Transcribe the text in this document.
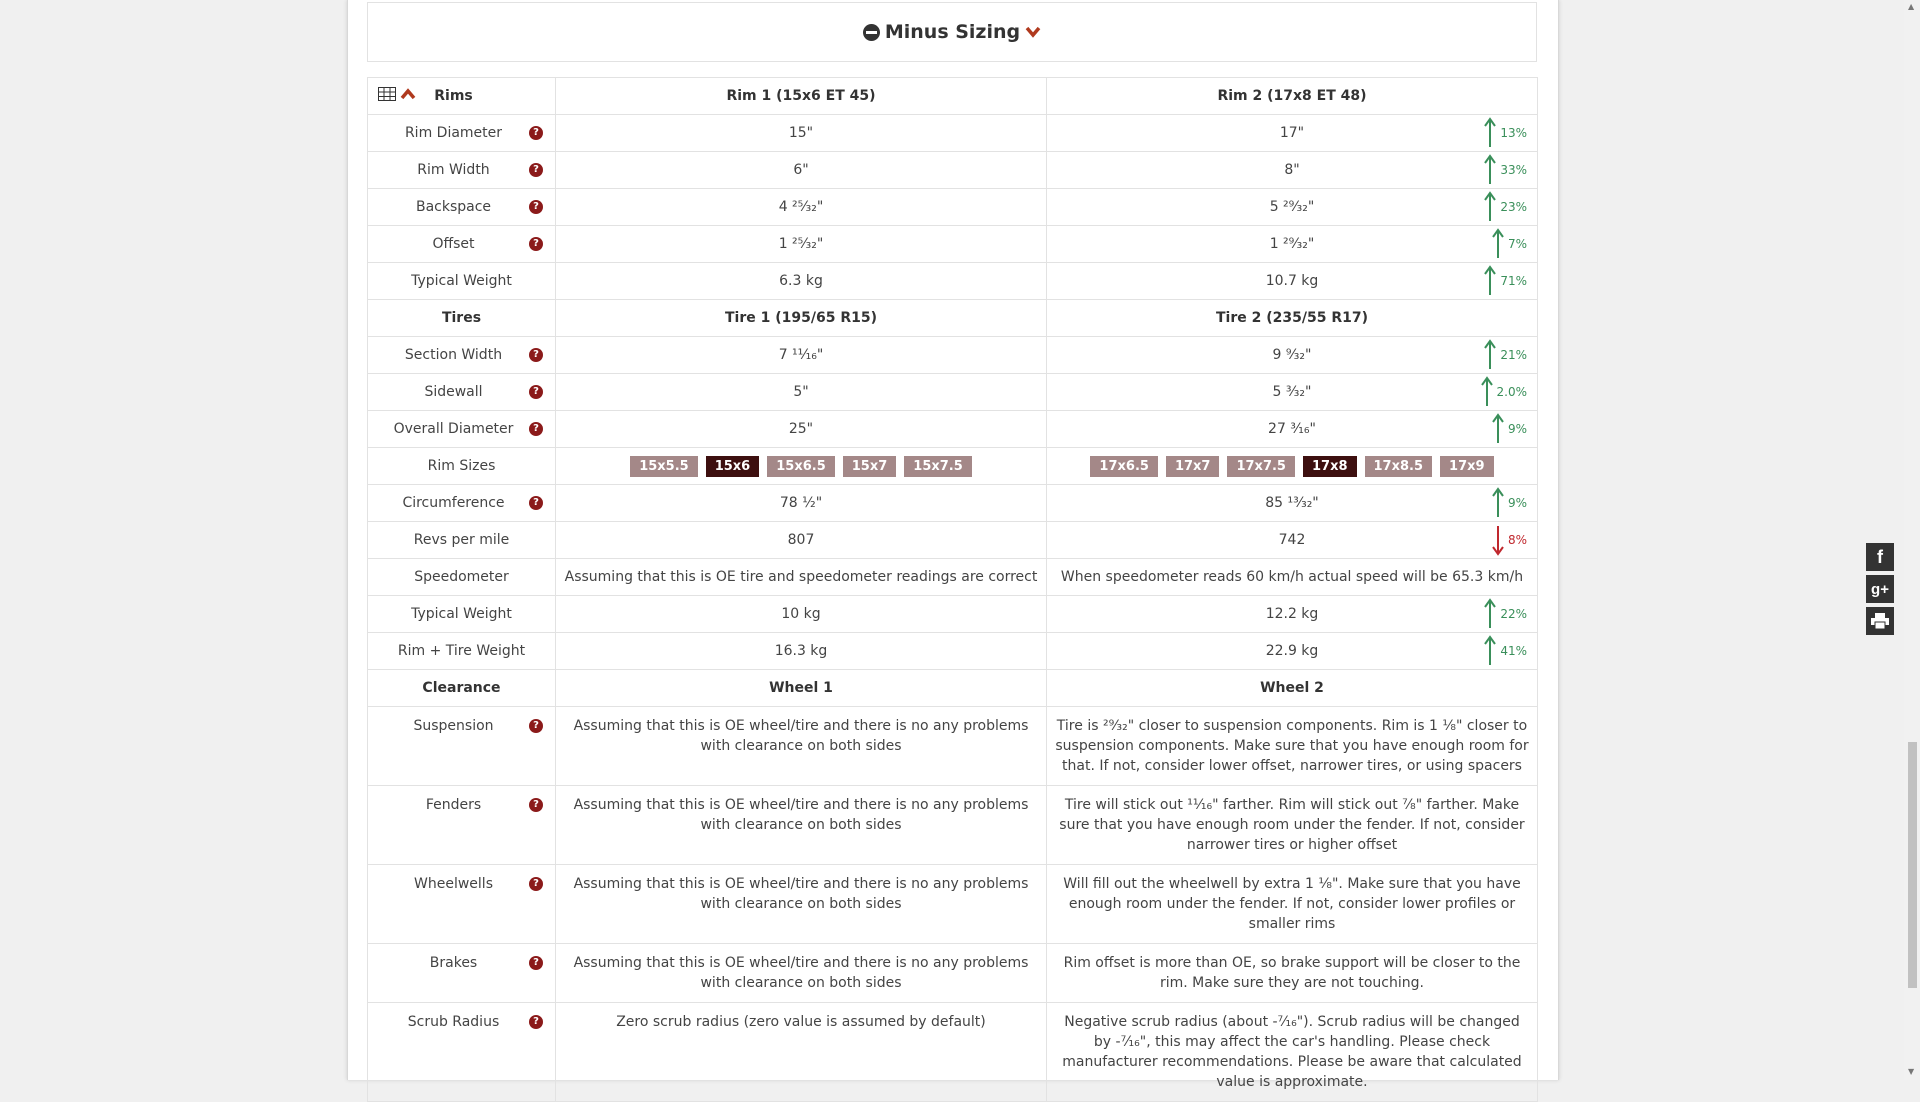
Minus Sizing
Rims	Rim 1 (15x6 ET 45)	Rim 2 (17x8 ET 48)
Rim Diameter ?	15"	17" 13%

Rim Width ?	6"	8" 33%

Backspace ?	4 ²⁵⁄₃₂"	5 ²⁹⁄₃₂" 23%

Offset ?	1 ²⁵⁄₃₂"	1 ²⁹⁄₃₂" 7%

Typical Weight	6.3 kg	10.7 kg 71%

Tires	Tire 1 (195/65 R15)	Tire 2 (235/55 R17)
Section Width ?	7 ¹¹⁄₁₆"	9 ⁹⁄₃₂" 21%

Sidewall ?	5"	5 ³⁄₃₂" 2.0%

Overall Diameter ?	25"	27 ³⁄₁₆" 9%

Rim Sizes	15x5.5 15x6 15x6.5 15x7 15x7.5	17x6.5 17x7 17x7.5 17x8 17x8.5 17x9
Circumference ?	78 ½"	85 ¹³⁄₃₂" 9%

Revs per mile	807	742 8%

Speedometer	Assuming that this is OE tire and speedometer readings are correct	When speedometer reads 60 km/h actual speed will be 65.3 km/h
Typical Weight	10 kg	12.2 kg 22%

Rim + Tire Weight	16.3 kg	22.9 kg 41%

Clearance	Wheel 1	Wheel 2
Suspension ?	Assuming that this is OE wheel/tire and there is no any problems with clearance on both sides	Tire is ²⁹⁄₃₂" closer to suspension components. Rim is 1 ⅛" closer to suspension components. Make sure that you have enough room for that. If not, consider lower offset, narrower tires, or using spacers
Fenders ?	Assuming that this is OE wheel/tire and there is no any problems with clearance on both sides	Tire will stick out ¹¹⁄₁₆" farther. Rim will stick out ⅞" farther. Make sure that you have enough room under the fender. If not, consider narrower tires or higher offset
Wheelwells ?	Assuming that this is OE wheel/tire and there is no any problems with clearance on both sides	Will fill out the wheelwell by extra 1 ⅛". Make sure that you have enough room under the fender. If not, consider lower profiles or smaller rims
Brakes ?	Assuming that this is OE wheel/tire and there is no any problems with clearance on both sides	Rim offset is more than OE, so brake support will be closer to the rim. Make sure they are not touching.
Scrub Radius ?	Zero scrub radius (zero value is assumed by default)	Negative scrub radius (about -⁷⁄₁₆"). Scrub radius will be changed by -⁷⁄₁₆", this may affect the car's handling. Please check manufacturer recommendations. Please be aware that calculated value is approximate.
f
g+
▲
▼
